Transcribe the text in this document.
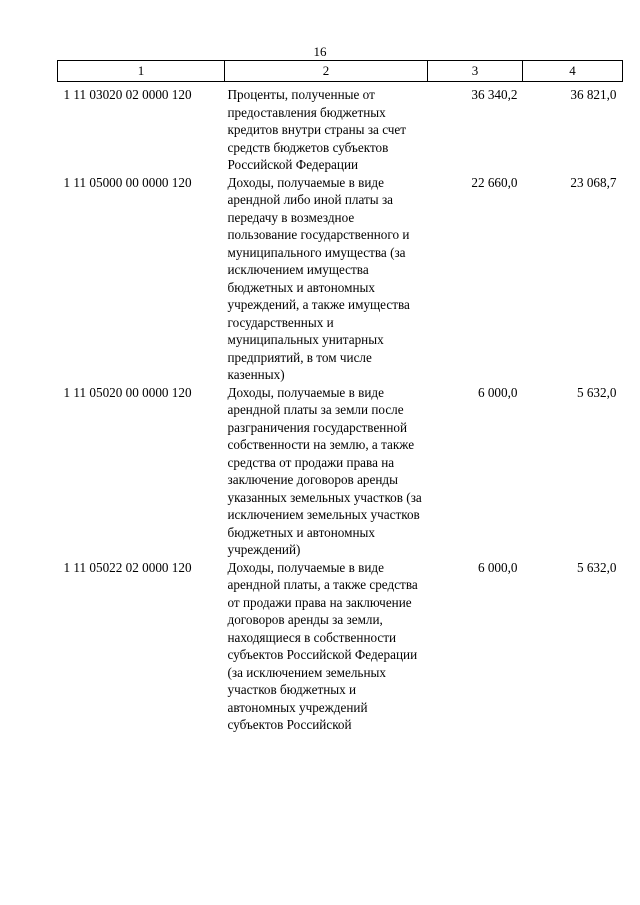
16
1	2	3	4
1 11 03020 02 0000 120	Проценты, полученные от предоставления бюджетных кредитов внутри страны за счет средств бюджетов субъектов Российской Федерации	36 340,2	36 821,0
1 11 05000 00 0000 120	Доходы, получаемые в виде арендной либо иной платы за передачу в возмездное пользование государственного и муниципального имущества (за исключением имущества бюджетных и автономных учреждений, а также имущества государственных и муниципальных унитарных предприятий, в том числе казенных)	22 660,0	23 068,7
1 11 05020 00 0000 120	Доходы, получаемые в виде арендной платы за земли после разграничения государственной собственности на землю, а также средства от продажи права на заключение договоров аренды указанных земельных участков (за исключением земельных участков бюджетных и автономных учреждений)	6 000,0	5 632,0
1 11 05022 02 0000 120	Доходы, получаемые в виде арендной платы, а также средства от продажи права на заключение договоров аренды за земли, находящиеся в собственности субъектов Российской Федерации (за исключением земельных участков бюджетных и автономных учреждений субъектов Российской	6 000,0	5 632,0
